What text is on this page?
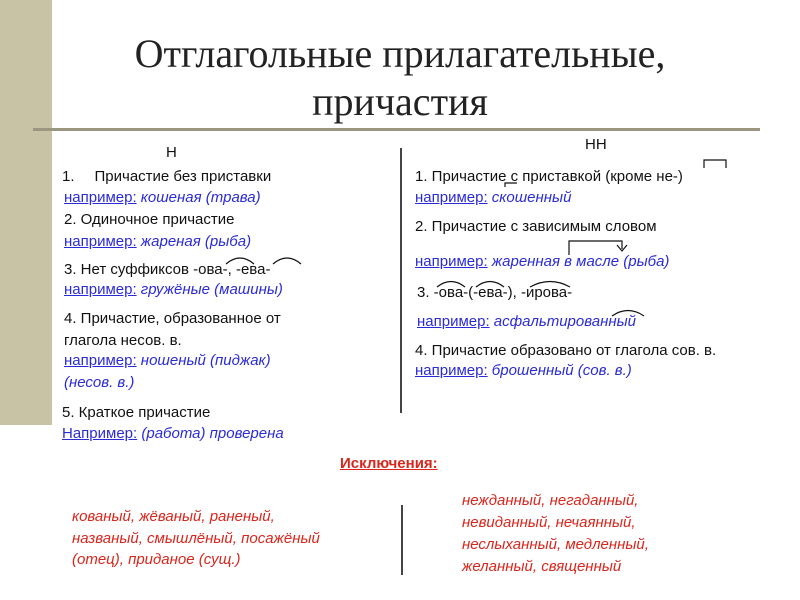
Отглагольные прилагательные,
причастия
Н
1. Причастие без приставки
например: кошеная (трава)
2. Одиночное причастие
например: жареная (рыба)
3. Нет суффиксов -ова-, -ева-
например: гружёные (машины)
4. Причастие, образованное от
глагола несов. в.
например: ношеный (пиджак)
(несов. в.)
5. Краткое причастие
Например: (работа) проверена
НН
1. Причастие с приставкой (кроме не-)
например: скошенный
2. Причастие с зависимым словом
например: жаренная в масле (рыба)
3. -ова-(-ева-), -ирова-
например: асфальтированный
4. Причастие образовано от глагола сов. в.
например: брошенный (сов. в.)
Исключения:
кованый, жёваный, раненый,
названый, смышлёный, посажёный
(отец), приданое (сущ.)
нежданный, негаданный,
невиданный, нечаянный,
неслыханный, медленный,
желанный, священный
